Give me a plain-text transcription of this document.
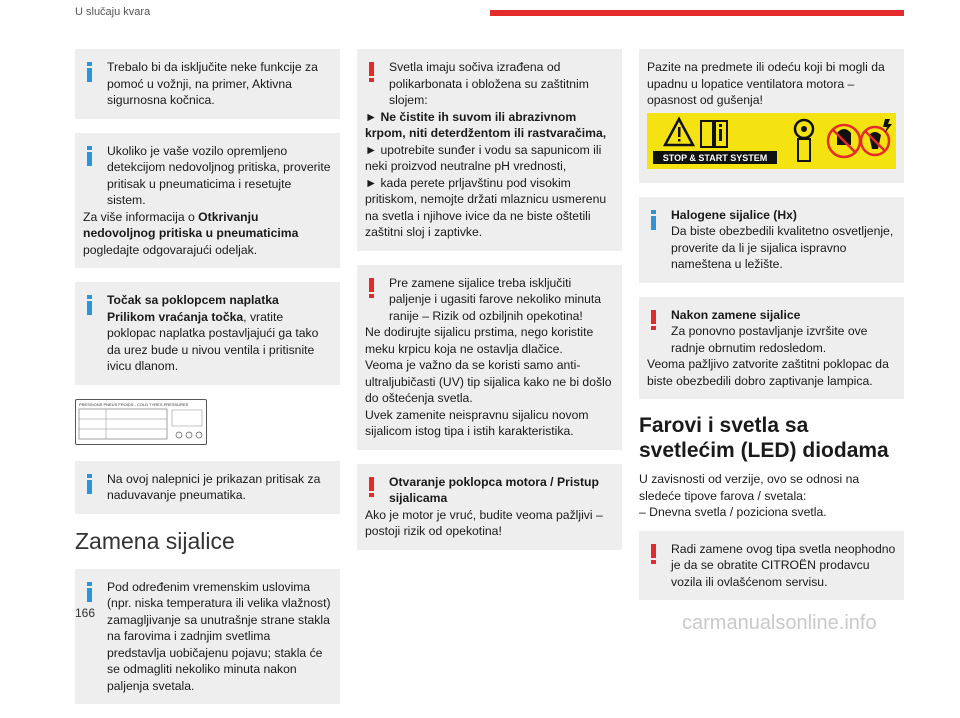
U slučaju kvara
Trebalo bi da isključite neke funkcije za pomoć u vožnji, na primer, Aktivna sigurnosna kočnica.
Ukoliko je vaše vozilo opremljeno detekcijom nedovoljnog pritiska, proverite pritisak u pneumaticima i resetujte sistem.
Za više informacija o Otkrivanju nedovoljnog pritiska u pneumaticima pogledajte odgovarajući odeljak.
Točak sa poklopcem naplatka
Prilikom vraćanja točka, vratite poklopac naplatka postavljajući ga tako da urez bude u nivou ventila i pritisnite ivicu dlanom.
PRESSIONS PNEUS FROIDS - COLD TYRES PRESSURES
Na ovoj nalepnici je prikazan pritisak za naduvavanje pneumatika.
Zamena sijalice
Pod određenim vremenskim uslovima (npr. niska temperatura ili velika vlažnost) zamagljivanje sa unutrašnje strane stakla na farovima i zadnjim svetlima predstavlja uobičajenu pojavu; stakla će se odmagliti nekoliko minuta nakon paljenja svetala.
Svetla imaju sočiva izrađena od polikarbonata i obložena su zaštitnim slojem:
► Ne čistite ih suvom ili abrazivnom krpom, niti deterdžentom ili rastvaračima,
► upotrebite sunđer i vodu sa sapunicom ili neki proizvod neutralne pH vrednosti,
► kada perete prljavštinu pod visokim pritiskom, nemojte držati mlaznicu usmerenu na svetla i njihove ivice da ne biste oštetili zaštitni sloj i zaptivke.
Pre zamene sijalice treba isključiti paljenje i ugasiti farove nekoliko minuta ranije – Rizik od ozbiljnih opekotina!
Ne dodirujte sijalicu prstima, nego koristite meku krpicu koja ne ostavlja dlačice.
Veoma je važno da se koristi samo anti-ultraljubičasti (UV) tip sijalica kako ne bi došlo do oštećenja svetla.
Uvek zamenite neispravnu sijalicu novom sijalicom istog tipa i istih karakteristika.
Otvaranje poklopca motora / Pristup sijalicama
Ako je motor je vruć, budite veoma pažljivi – postoji rizik od opekotina!
Pazite na predmete ili odeću koji bi mogli da upadnu u lopatice ventilatora motora – opasnost od gušenja!
STOP & START SYSTEM
Halogene sijalice (Hx)
Da biste obezbedili kvalitetno osvetljenje, proverite da li je sijalica ispravno nameštena u ležište.
Nakon zamene sijalice
Za ponovno postavljanje izvršite ove radnje obrnutim redosledom.
Veoma pažljivo zatvorite zaštitni poklopac da biste obezbedili dobro zaptivanje lampica.
Farovi i svetla sa svetlećim (LED) diodama
U zavisnosti od verzije, ovo se odnosi na sledeće tipove farova / svetala:
– Dnevna svetla / poziciona svetla.
Radi zamene ovog tipa svetla neophodno je da se obratite CITROËN prodavcu vozila ili ovlašćenom servisu.
166	carmanualsonline.info
